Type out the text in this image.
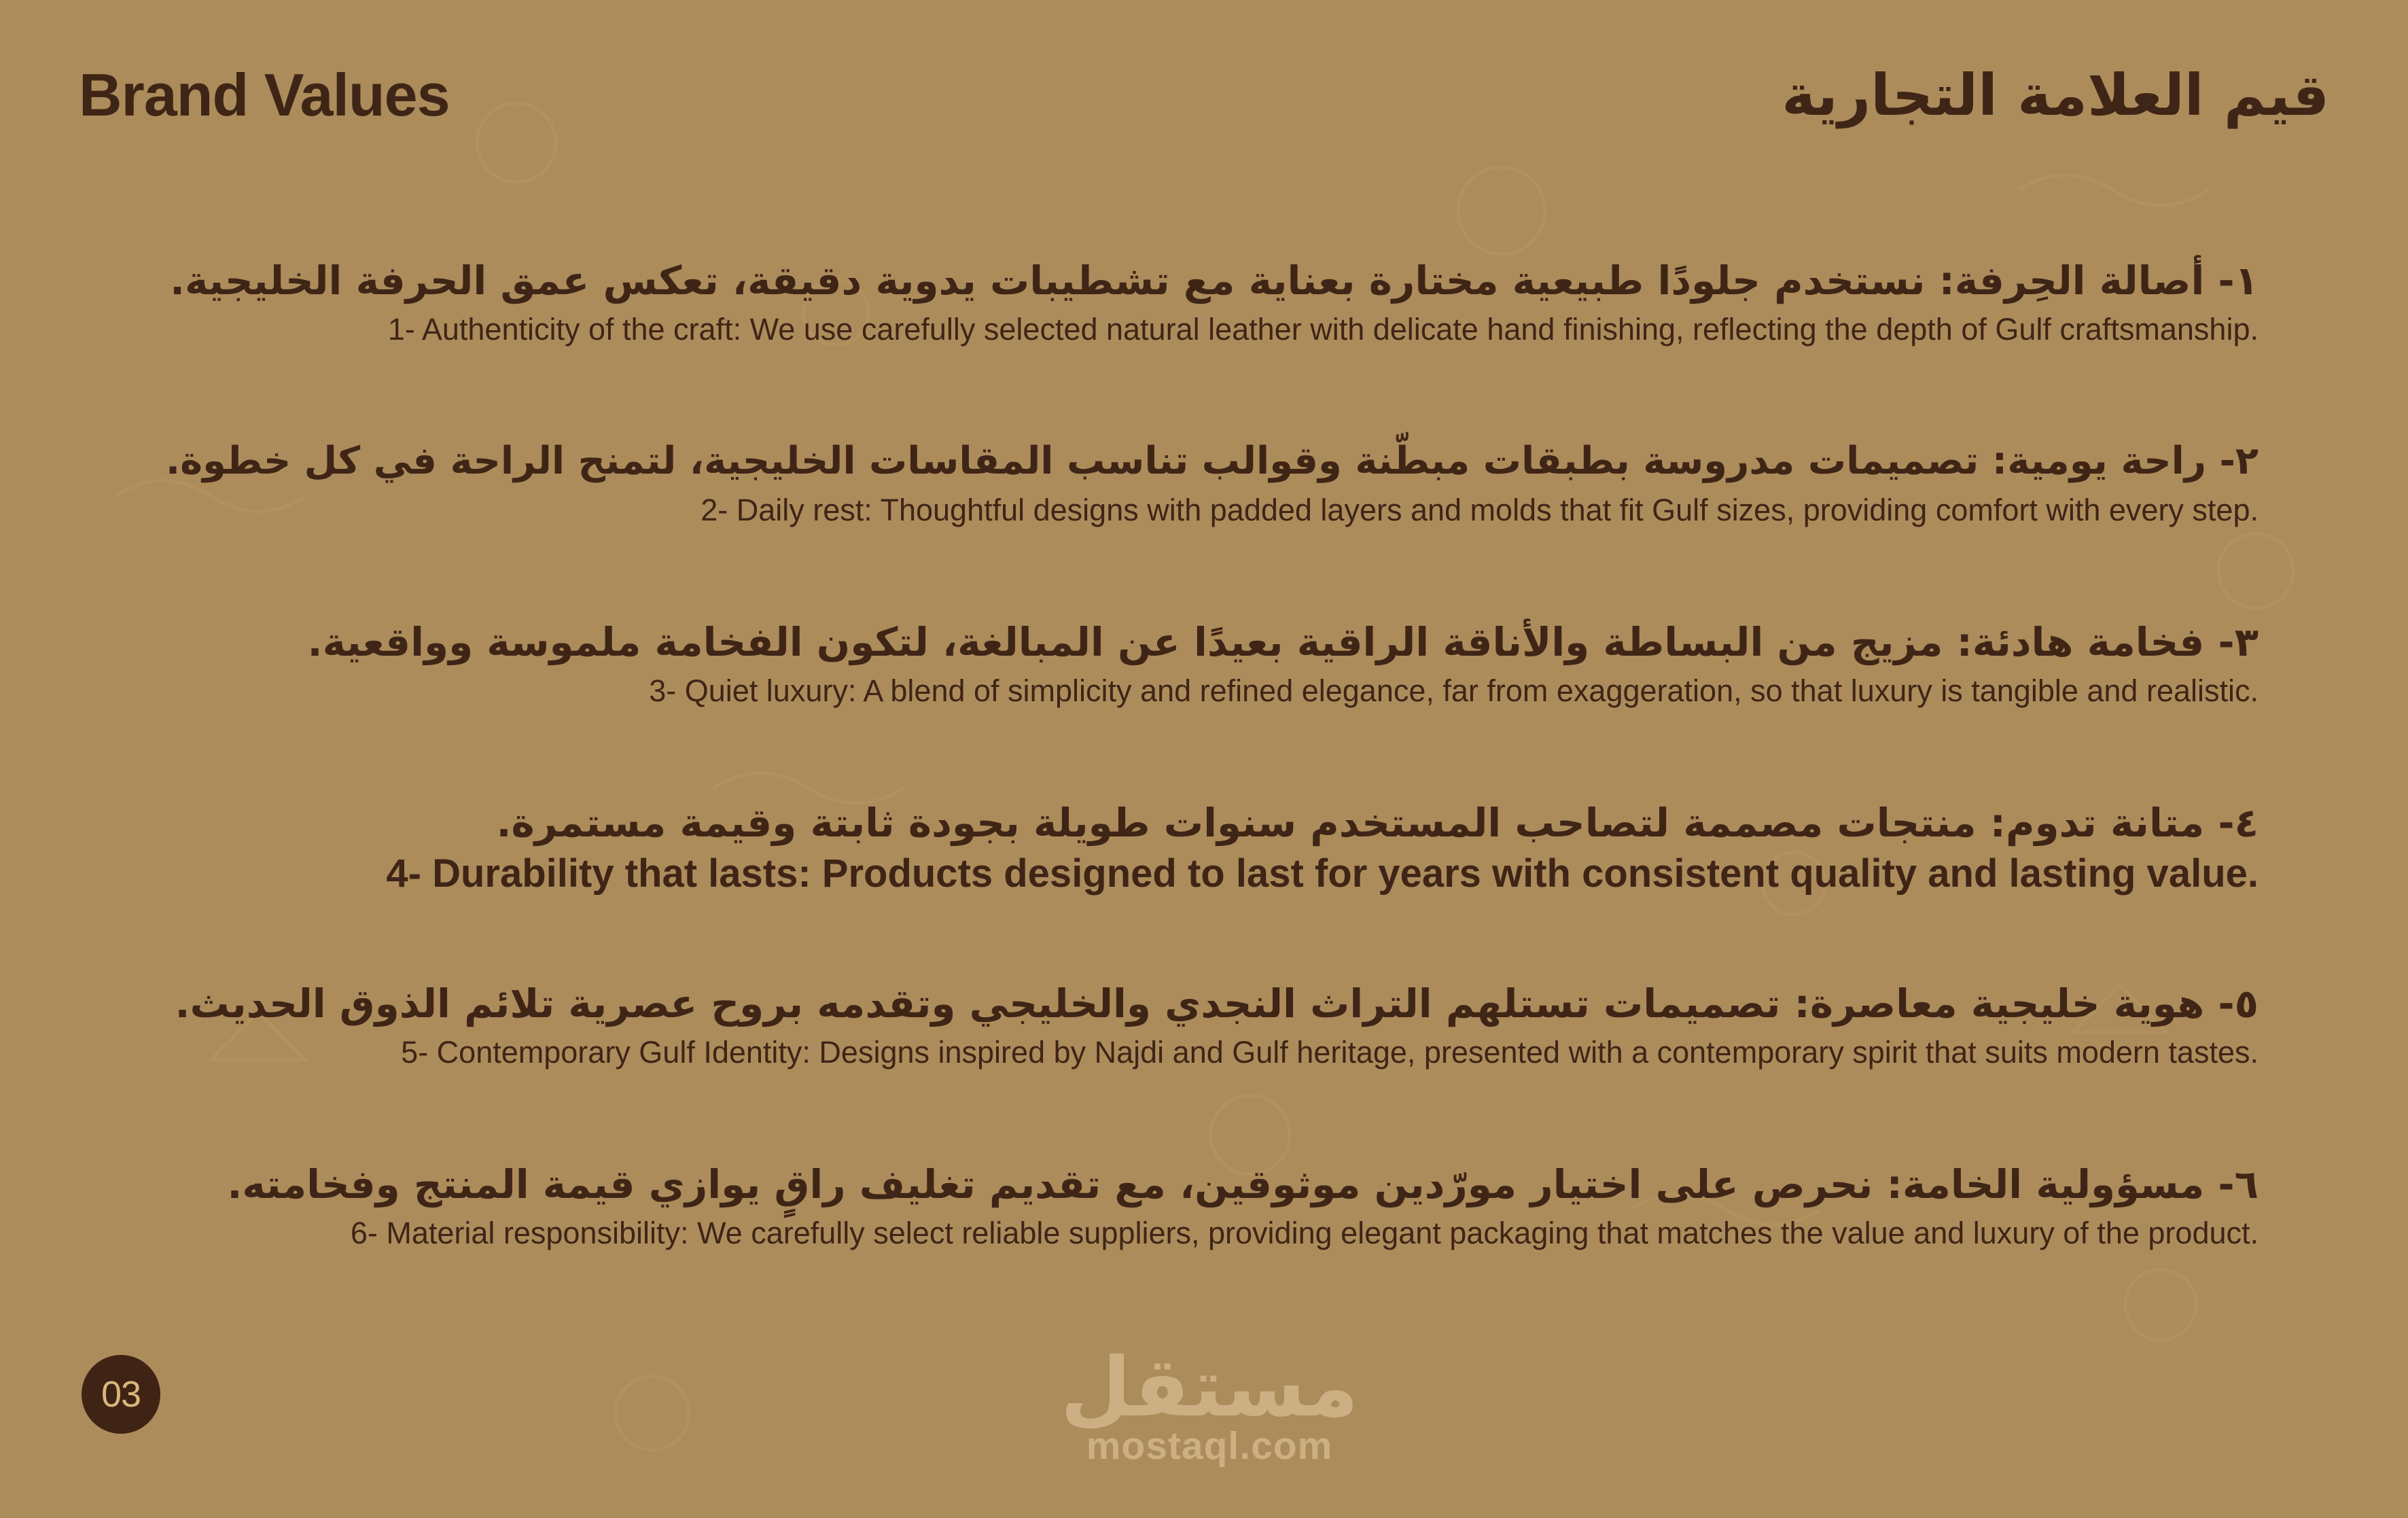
Brand Values	قيم العلامة التجارية
١- أصالة الحِرفة: نستخدم جلودًا طبيعية مختارة بعناية مع تشطيبات يدوية دقيقة، تعكس عمق الحرفة الخليجية.
1- Authenticity of the craft: We use carefully selected natural leather with delicate hand finishing, reflecting the depth of Gulf craftsmanship.
٢- راحة يومية: تصميمات مدروسة بطبقات مبطّنة وقوالب تناسب المقاسات الخليجية، لتمنح الراحة في كل خطوة.
2- Daily rest: Thoughtful designs with padded layers and molds that fit Gulf sizes, providing comfort with every step.
٣- فخامة هادئة: مزيج من البساطة والأناقة الراقية بعيدًا عن المبالغة، لتكون الفخامة ملموسة وواقعية.
3- Quiet luxury: A blend of simplicity and refined elegance, far from exaggeration, so that luxury is tangible and realistic.
٤- متانة تدوم: منتجات مصممة لتصاحب المستخدم سنوات طويلة بجودة ثابتة وقيمة مستمرة.
4- Durability that lasts: Products designed to last for years with consistent quality and lasting value.
٥- هوية خليجية معاصرة: تصميمات تستلهم التراث النجدي والخليجي وتقدمه بروح عصرية تلائم الذوق الحديث.
5- Contemporary Gulf Identity: Designs inspired by Najdi and Gulf heritage, presented with a contemporary spirit that suits modern tastes.
٦- مسؤولية الخامة: نحرص على اختيار مورّدين موثوقين، مع تقديم تغليف راقٍ يوازي قيمة المنتج وفخامته.
6- Material responsibility: We carefully select reliable suppliers, providing elegant packaging that matches the value and luxury of the product.
03	مستقل
mostaql.com
